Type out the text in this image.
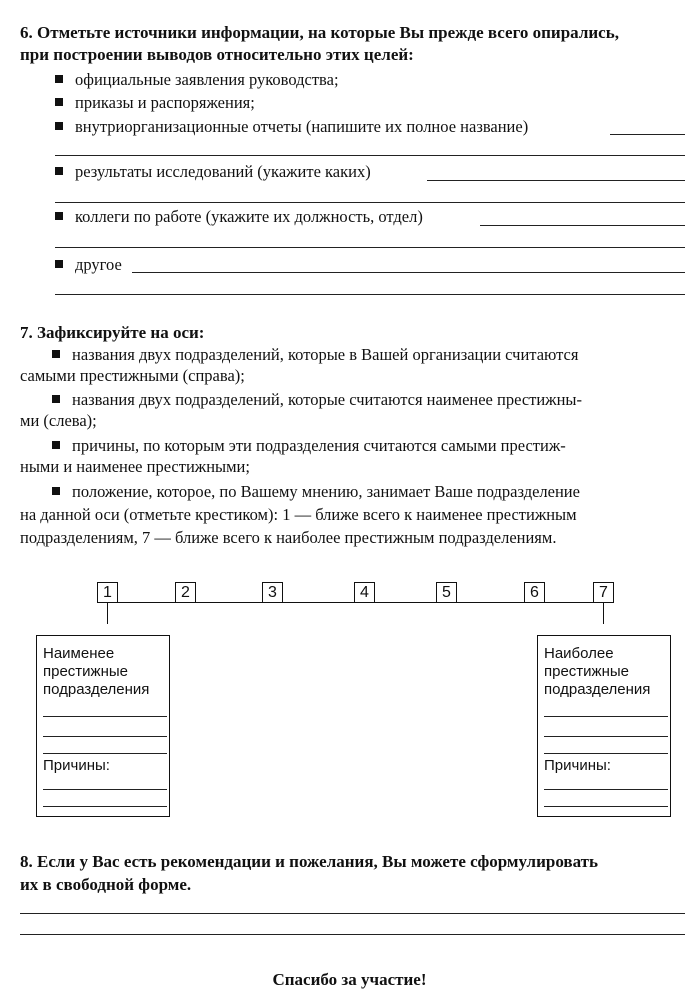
6. Отметьте источники информации, на которые Вы прежде всего опирались,
при построении выводов относительно этих целей:
официальные заявления руководства;
приказы и распоряжения;
внутриорганизационные отчеты (напишите их полное название)
результаты исследований (укажите каких)
коллеги по работе (укажите их должность, отдел)
другое
7. Зафиксируйте на оси:
названия двух подразделений, которые в Вашей организации считаются
самыми престижными (справа);
названия двух подразделений, которые считаются наименее престижны-
ми (слева);
причины, по которым эти подразделения считаются самыми престиж-
ными и наименее престижными;
положение, которое, по Вашему мнению, занимает Ваше подразделение
на данной оси (отметьте крестиком): 1 — ближе всего к наименее престижным
подразделениям, 7 — ближе всего к наиболее престижным подразделениям.
1	2	3	4	5	6	7
Наименее
престижные
подразделения
Причины:
Наиболее
престижные
подразделения
Причины:
8. Если у Вас есть рекомендации и пожелания, Вы можете сформулировать
их в свободной форме.
Спасибо за участие!
